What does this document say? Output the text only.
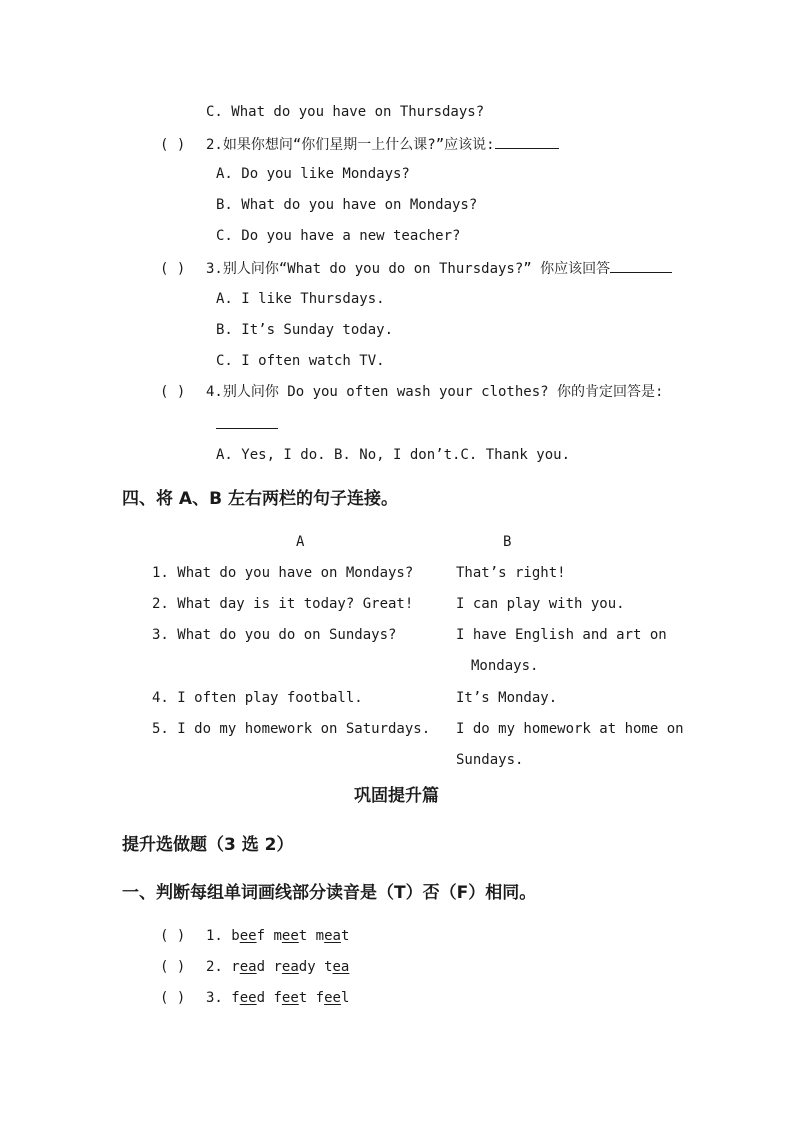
C. What do you have on Thursdays?
( ) 2.如果你想问“你们星期一上什么课?”应该说:
A. Do you like Mondays?
B. What do you have on Mondays?
C. Do you have a new teacher?
( ) 3.别人问你“What do you do on Thursdays?” 你应该回答
A. I like Thursdays.
B. It’s Sunday today.
C. I often watch TV.
( ) 4.别人问你 Do you often wash your clothes? 你的肯定回答是:
A. Yes, I do. B. No, I don’t.C. Thank you.
四、将 A、B 左右两栏的句子连接。
A	B
1. What do you have on Mondays?
2. What day is it today? Great!
3. What do you do on Sundays?
4. I often play football.
5. I do my homework on Saturdays.
That’s right!
I can play with you.
I have English and art on
Mondays.
It’s Monday.
I do my homework at home on
Sundays.
巩固提升篇
提升选做题（3 选 2）
一、判断每组单词画线部分读音是（T）否（F）相同。
( ) 1. beef meet meat
( ) 2. read ready tea
( ) 3. feed feet feel
